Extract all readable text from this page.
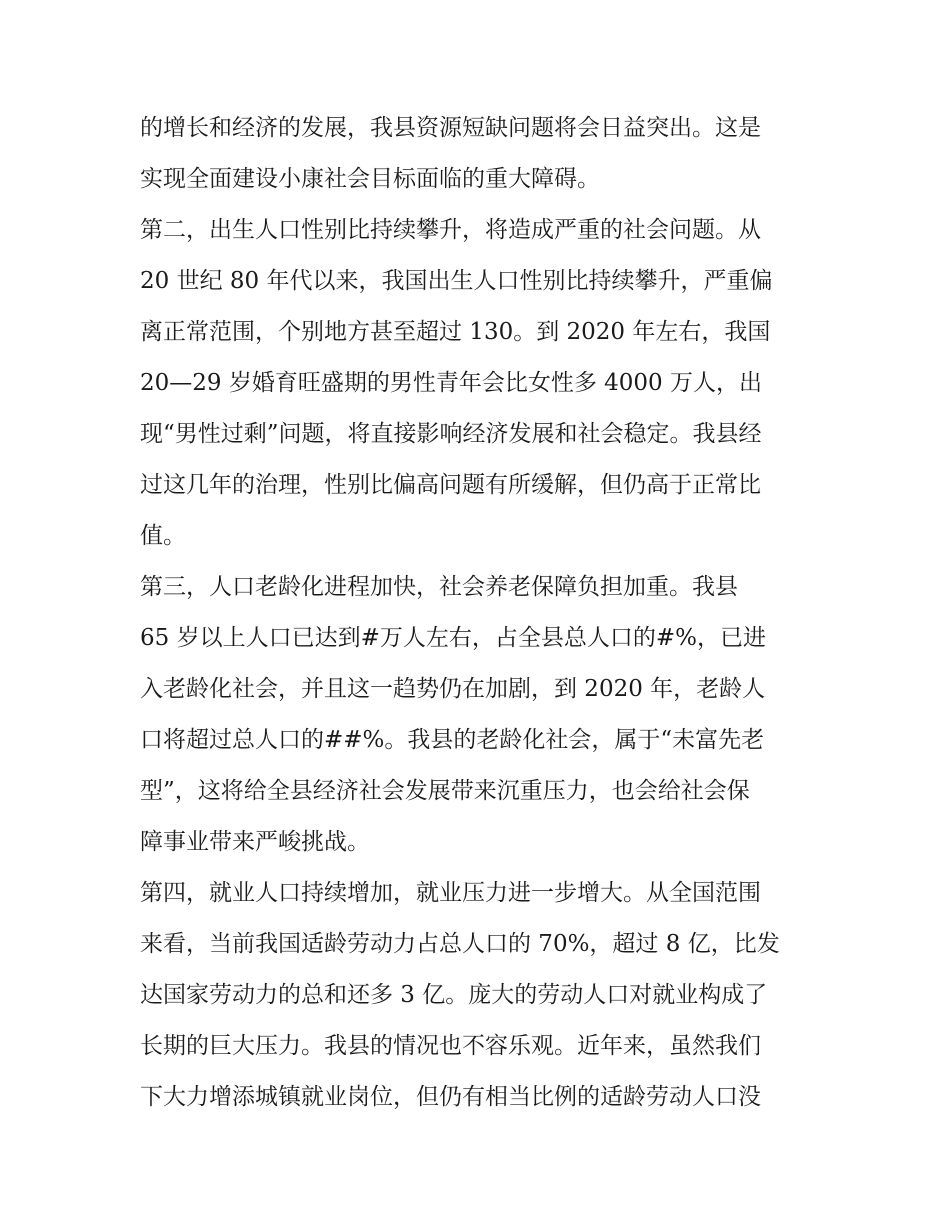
的增长和经济的发展，我县资源短缺问题将会日益突出。这是
实现全面建设小康社会目标面临的重大障碍。
第二，出生人口性别比持续攀升，将造成严重的社会问题。从
20 世纪 80 年代以来，我国出生人口性别比持续攀升，严重偏
离正常范围，个别地方甚至超过 130。到 2020 年左右，我国
20—29 岁婚育旺盛期的男性青年会比女性多 4000 万人，出
现“男性过剩”问题，将直接影响经济发展和社会稳定。我县经
过这几年的治理，性别比偏高问题有所缓解，但仍高于正常比
值。
第三，人口老龄化进程加快，社会养老保障负担加重。我县
65 岁以上人口已达到#万人左右，占全县总人口的#%，已进
入老龄化社会，并且这一趋势仍在加剧，到 2020 年，老龄人
口将超过总人口的##%。我县的老龄化社会，属于“未富先老
型”，这将给全县经济社会发展带来沉重压力，也会给社会保
障事业带来严峻挑战。
第四，就业人口持续增加，就业压力进一步增大。从全国范围
来看，当前我国适龄劳动力占总人口的 70%，超过 8 亿，比发
达国家劳动力的总和还多 3 亿。庞大的劳动人口对就业构成了
长期的巨大压力。我县的情况也不容乐观。近年来，虽然我们
下大力增添城镇就业岗位，但仍有相当比例的适龄劳动人口没
